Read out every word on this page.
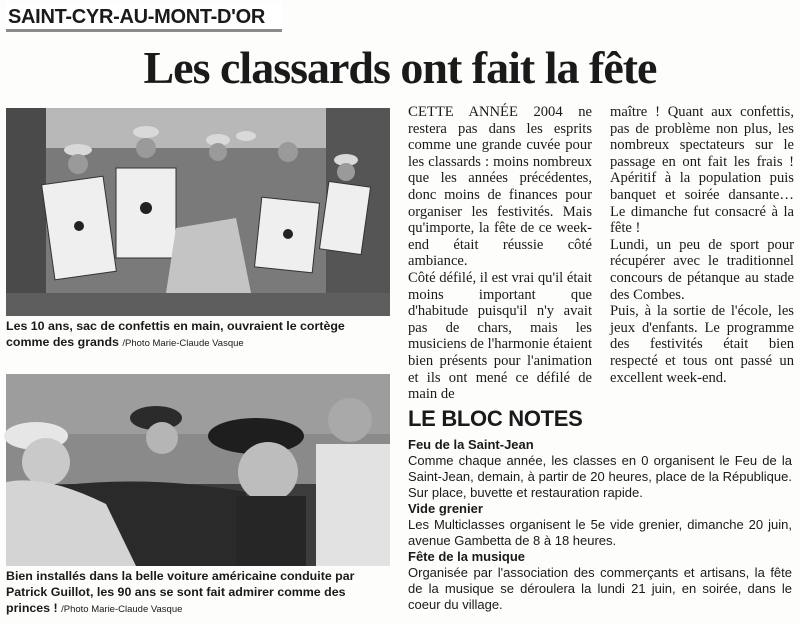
SAINT-CYR-AU-MONT-D'OR
Les classards ont fait la fête
Les 10 ans, sac de confettis en main, ouvraient le cortège comme des grands /Photo Marie-Claude Vasque
Bien installés dans la belle voiture américaine conduite par Patrick Guillot, les 90 ans se sont fait admirer comme des princes ! /Photo Marie-Claude Vasque

CETTE ANNÉE 2004 ne restera pas dans les esprits comme une grande cuvée pour les classards : moins nombreux que les années précédentes, donc moins de finances pour organiser les festivités. Mais qu'importe, la fête de ce week-end était réussie côté ambiance.

Côté défilé, il est vrai qu'il était moins important que d'habitude puisqu'il n'y avait pas de chars, mais les musiciens de l'harmonie étaient bien présents pour l'animation et ils ont mené ce défilé de main de

maître ! Quant aux confettis, pas de problème non plus, les nombreux spectateurs sur le passage en ont fait les frais ! Apéritif à la population puis banquet et soirée dansante… Le dimanche fut consacré à la fête !

Lundi, un peu de sport pour récupérer avec le traditionnel concours de pétanque au stade des Combes.

Puis, à la sortie de l'école, les jeux d'enfants. Le programme des festivités était bien respecté et tous ont passé un excellent week-end.

LE BLOC NOTES
Feu de la Saint-Jean
Comme chaque année, les classes en 0 organisent le Feu de la Saint-Jean, demain, à partir de 20 heures, place de la République. Sur place, buvette et restauration rapide.
Vide grenier
Les Multiclasses organisent le 5e vide grenier, dimanche 20 juin, avenue Gambetta de 8 à 18 heures.
Fête de la musique
Organisée par l'association des commerçants et artisans, la fête de la musique se déroulera la lundi 21 juin, en soirée, dans le coeur du village.
